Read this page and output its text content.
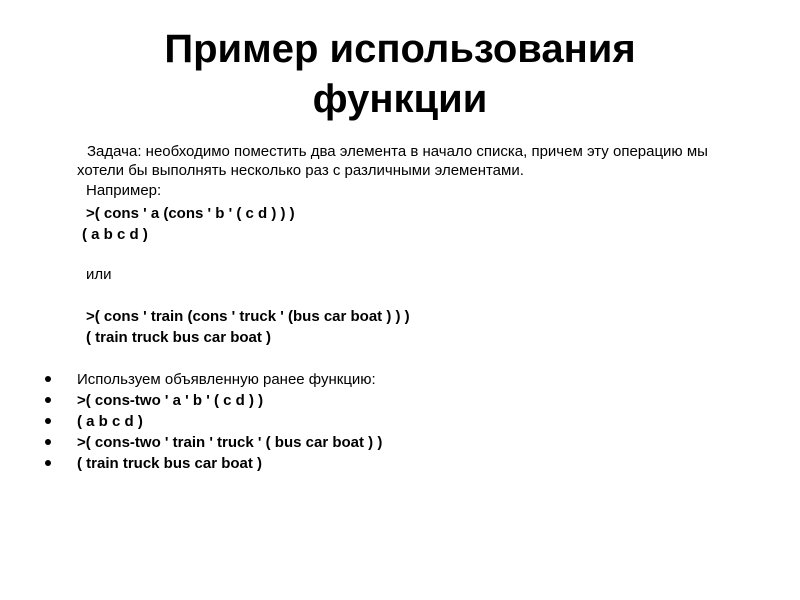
Пример использования
функции
Задача: необходимо поместить два элемента в начало списка, причем эту операцию мы хотели бы выполнять несколько раз с различными элементами.
Например:
>( cons ' a (cons ' b ' ( c d ) ) )
( a b c d )
или
>( cons ' train (cons ' truck ' (bus car boat ) ) )
( train truck bus car boat )
Используем объявленную ранее функцию:
>( cons-two ' a ' b ' ( c d ) )
( a b c d )
>( cons-two ' train ' truck ' ( bus car boat ) )
( train truck bus car boat )
